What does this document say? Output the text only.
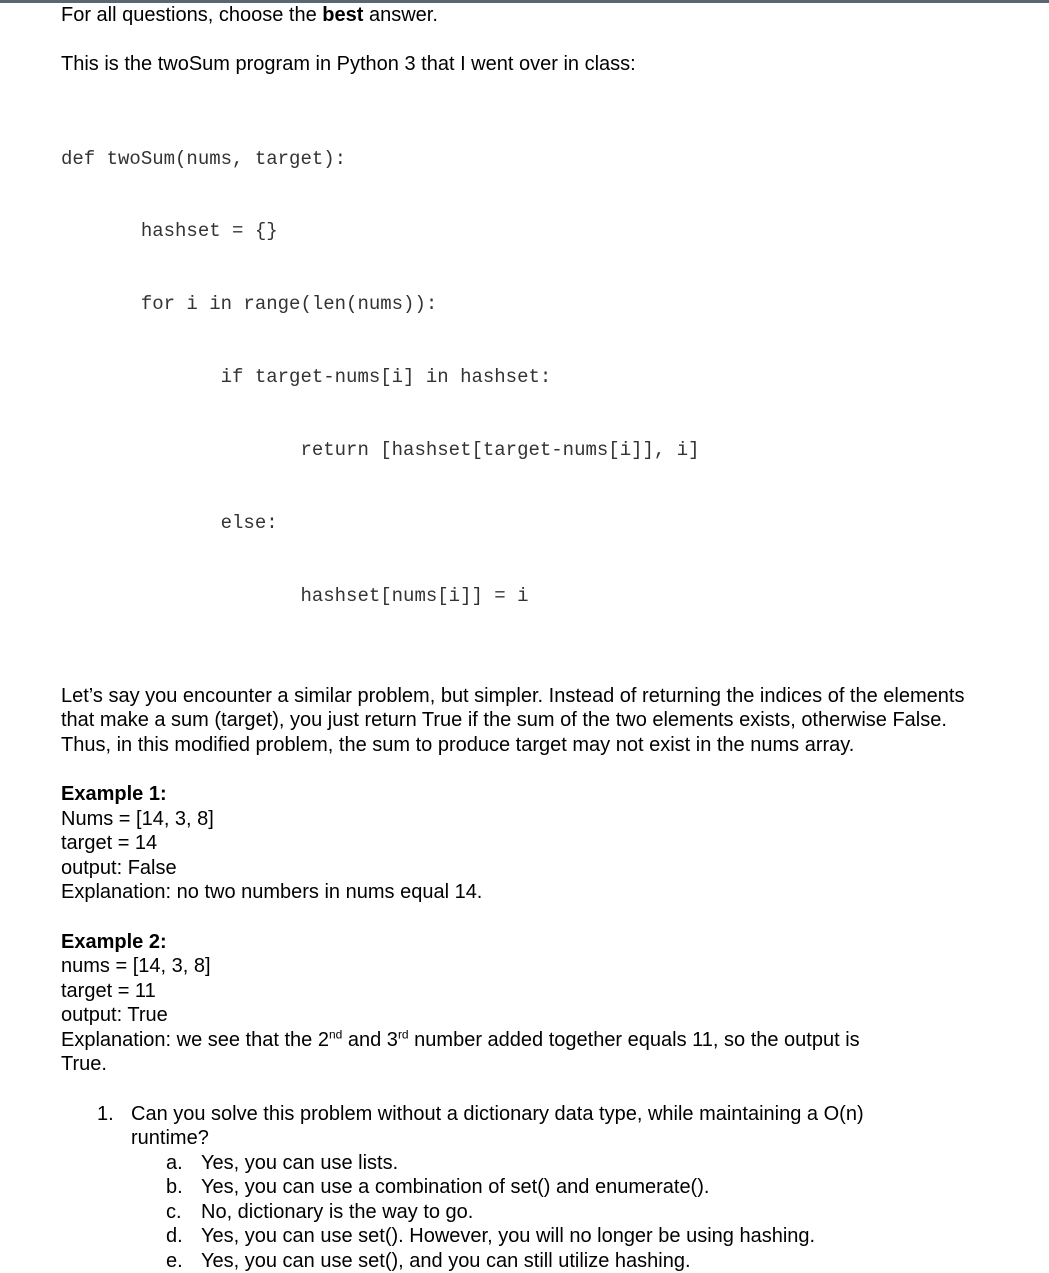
For all questions, choose the best answer.
This is the twoSum program in Python 3 that I went over in class:

def twoSum(nums, target):

hashset = {}

for i in range(len(nums)):

if target-nums[i] in hashset:

return [hashset[target-nums[i]], i]

else:

hashset[nums[i]] = i

Let’s say you encounter a similar problem, but simpler. Instead of returning the indices of the elements that make a sum (target), you just return True if the sum of the two elements exists, otherwise False. Thus, in this modified problem, the sum to produce target may not exist in the nums array.
Example 1:
Nums = [14, 3, 8]
target = 14
output: False
Explanation: no two numbers in nums equal 14.
Example 2:
nums = [14, 3, 8]
target = 11
output: True
Explanation: we see that the 2nd and 3rd number added together equals 11, so the output is
True.
1. Can you solve this problem without a dictionary data type, while maintaining a O(n)
runtime?
a. Yes, you can use lists.
b. Yes, you can use a combination of set() and enumerate().
c. No, dictionary is the way to go.
d. Yes, you can use set(). However, you will no longer be using hashing.
e. Yes, you can use set(), and you can still utilize hashing.
